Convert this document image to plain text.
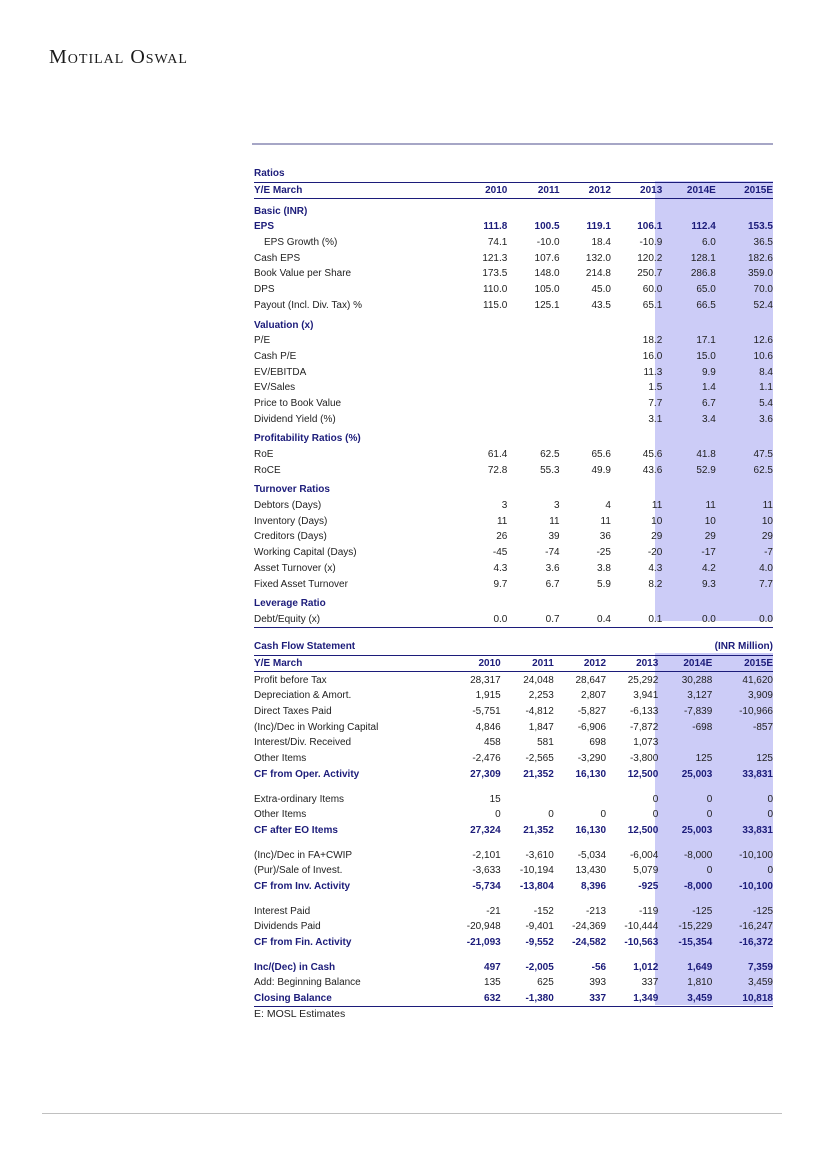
Motilal Oswal
Ratios						
Y/E March	2010	2011	2012	2013	2014E	2015E
Basic (INR)						
EPS	111.8	100.5	119.1	106.1	112.4	153.5
EPS Growth (%)	74.1	-10.0	18.4	-10.9	6.0	36.5
Cash EPS	121.3	107.6	132.0	120.2	128.1	182.6
Book Value per Share	173.5	148.0	214.8	250.7	286.8	359.0
DPS	110.0	105.0	45.0	60.0	65.0	70.0
Payout (Incl. Div. Tax) %	115.0	125.1	43.5	65.1	66.5	52.4
Valuation (x)						
P/E				18.2	17.1	12.6
Cash P/E				16.0	15.0	10.6
EV/EBITDA				11.3	9.9	8.4
EV/Sales				1.5	1.4	1.1
Price to Book Value				7.7	6.7	5.4
Dividend Yield (%)				3.1	3.4	3.6
Profitability Ratios (%)						
RoE	61.4	62.5	65.6	45.6	41.8	47.5
RoCE	72.8	55.3	49.9	43.6	52.9	62.5
Turnover Ratios						
Debtors (Days)	3	3	4	11	11	11
Inventory (Days)	11	11	11	10	10	10
Creditors (Days)	26	39	36	29	29	29
Working Capital (Days)	-45	-74	-25	-20	-17	-7
Asset Turnover (x)	4.3	3.6	3.8	4.3	4.2	4.0
Fixed Asset Turnover	9.7	6.7	5.9	8.2	9.3	7.7
Leverage Ratio						
Debt/Equity (x)	0.0	0.7	0.4	0.1	0.0	0.0
Cash Flow Statement						(INR Million)
Y/E March	2010	2011	2012	2013	2014E	2015E
Profit before Tax	28,317	24,048	28,647	25,292	30,288	41,620
Depreciation & Amort.	1,915	2,253	2,807	3,941	3,127	3,909
Direct Taxes Paid	-5,751	-4,812	-5,827	-6,133	-7,839	-10,966
(Inc)/Dec in Working Capital	4,846	1,847	-6,906	-7,872	-698	-857
Interest/Div. Received	458	581	698	1,073		
Other Items	-2,476	-2,565	-3,290	-3,800	125	125
CF from Oper. Activity	27,309	21,352	16,130	12,500	25,003	33,831

Extra-ordinary Items	15			0	0	0
Other Items	0	0	0	0	0	0
CF after EO Items	27,324	21,352	16,130	12,500	25,003	33,831

(Inc)/Dec in FA+CWIP	-2,101	-3,610	-5,034	-6,004	-8,000	-10,100
(Pur)/Sale of Invest.	-3,633	-10,194	13,430	5,079	0	0
CF from Inv. Activity	-5,734	-13,804	8,396	-925	-8,000	-10,100

Interest Paid	-21	-152	-213	-119	-125	-125
Dividends Paid	-20,948	-9,401	-24,369	-10,444	-15,229	-16,247
CF from Fin. Activity	-21,093	-9,552	-24,582	-10,563	-15,354	-16,372

Inc/(Dec) in Cash	497	-2,005	-56	1,012	1,649	7,359
Add: Beginning Balance	135	625	393	337	1,810	3,459
Closing Balance	632	-1,380	337	1,349	3,459	10,818
E: MOSL Estimates
